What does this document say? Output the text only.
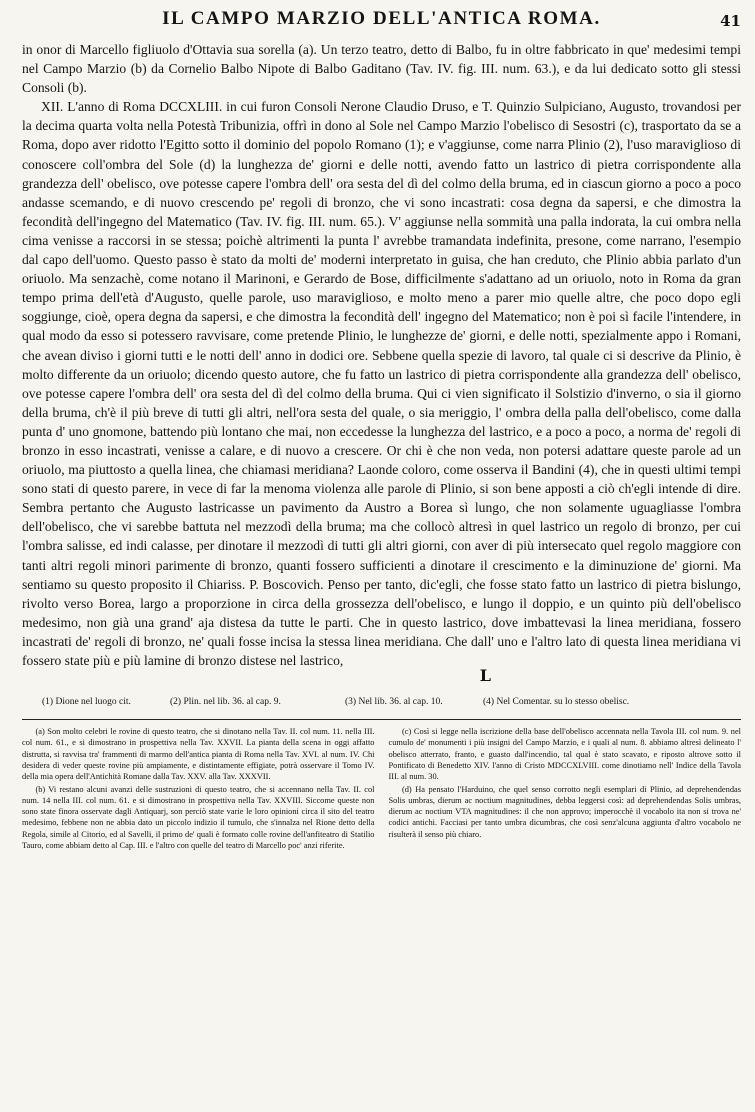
IL CAMPO MARZIO DELL'ANTICA ROMA.	41

in onor di Marcello figliuolo d'Ottavia sua sorella (a). Un terzo teatro, detto di Balbo, fu in oltre fabbricato in que' medesimi tempi nel Campo Marzio (b) da Cornelio Balbo Nipote di Balbo Gaditano (Tav. IV. fig. III. num. 63.), e da lui dedicato sotto gli stessi Consoli (b).

XII. L'anno di Roma DCCXLIII. in cui furon Consoli Nerone Claudio Druso, e T. Quinzio Sulpiciano, Augusto, trovandosi per la decima quarta volta nella Potestà Tribunizia, offrì in dono al Sole nel Campo Marzio l'obelisco di Sesostri (c), trasportato da se a Roma, dopo aver ridotto l'Egitto sotto il dominio del popolo Romano (1); e v'aggiunse, come narra Plinio (2), l'uso maraviglioso di conoscere coll'ombra del Sole (d) la lunghezza de' giorni e delle notti, avendo fatto un lastrico di pietra corrispondente alla grandezza dell' obelisco, ove potesse capere l'ombra dell' ora sesta del dì del colmo della bruma, ed in ciascun giorno a poco a poco andasse scemando, e di nuovo crescendo pe' regoli di bronzo, che vi sono incastrati: cosa degna da sapersi, e che dimostra la fecondità dell'ingegno del Matematico (Tav. IV. fig. III. num. 65.). V' aggiunse nella sommità una palla indorata, la cui ombra nella cima venisse a raccorsi in se stessa; poichè altrimenti la punta l' avrebbe tramandata indefinita, presone, come narrano, l'esempio dal capo dell'uomo. Questo passo è stato da molti de' moderni interpretato in guisa, che han creduto, che Plinio abbia parlato d'un oriuolo. Ma senzachè, come notano il Marinoni, e Gerardo de Bose, difficilmente s'adattano ad un oriuolo, noto in Roma da gran tempo prima dell'età d'Augusto, quelle parole, uso maraviglioso, e molto meno a parer mio quelle altre, che poco dopo egli soggiunge, cioè, opera degna da sapersi, e che dimostra la fecondità dell' ingegno del Matematico; non è poi sì facile l'intendere, in qual modo da esso si potessero ravvisare, come pretende Plinio, le lunghezze de' giorni, e delle notti, spezialmente appo i Romani, che avean diviso i giorni tutti e le notti dell' anno in dodici ore. Sebbene quella spezie di lavoro, tal quale ci si descrive da Plinio, è molto differente da un oriuolo; dicendo questo autore, che fu fatto un lastrico di pietra corrispondente alla grandezza dell' obelisco, ove potesse capere l'ombra dell' ora sesta del dì del colmo della bruma. Qui ci vien significato il Solstizio d'inverno, o sia il giorno della bruma, ch'è il più breve di tutti gli altri, nell'ora sesta del quale, o sia meriggio, l' ombra della palla dell'obelisco, come dalla punta d' uno gnomone, battendo più lontano che mai, non eccedesse la lunghezza del lastrico, e a poco a poco, a norma de' regoli di bronzo in esso incastrati, venisse a calare, e di nuovo a crescere. Or chi è che non veda, non potersi adattare queste parole ad un oriuolo, ma piuttosto a quella linea, che chiamasi meridiana? Laonde coloro, come osserva il Bandini (4), che in questi ultimi tempi sono stati di questo parere, in vece di far la menoma violenza alle parole di Plinio, si son bene apposti a ciò ch'egli intende di dire. Sembra pertanto che Augusto lastricasse un pavimento da Austro a Borea sì lungo, che non solamente uguagliasse l'ombra dell'obelisco, che vi sarebbe battuta nel mezzodì della bruma; ma che collocò altresì in quel lastrico un regolo di bronzo, per cui l'ombra salisse, ed indi calasse, per dinotare il mezzodì di tutti gli altri giorni, con aver di più intersecato quel regolo maggiore con tanti altri regoli minori parimente di bronzo, quanti fossero sufficienti a dinotare il crescimento e la diminuzione de' giorni. Ma sentiamo su questo proposito il Chiariss. P. Boscovich. Penso per tanto, dic'egli, che fosse stato fatto un lastrico di pietra bislungo, rivolto verso Borea, largo a proporzione in circa della grossezza dell'obelisco, e lungo il doppio, e un quinto più dell'obelisco medesimo, non già una grand' aja distesa da tutte le parti. Che in questo lastrico, dove imbattevasi la linea meridiana, fossero incastrati de' regoli di bronzo, ne' quali fosse incisa la stessa linea meridiana. Che dall' uno e l'altro lato di questa linea meridiana vi fossero state più e più lamine di bronzo distese nel lastrico,

L
(1) Dione nel luogo cit.	(2) Plin. nel lib. 36. al cap. 9.	(3) Nel lib. 36. al cap. 10.	(4) Nel Comentar. su lo stesso obelisc.

(a) Son molto celebri le rovine di questo teatro, che si dinotano nella Tav. II. col num. 11. nella III. col num. 61., e si dimostrano in prospettiva nella Tav. XXVII. La pianta della scena in oggi affatto distrutta, si ravvisa tra' frammenti di marmo dell'antica pianta di Roma nella Tav. XVI. al num. IV. Chi desidera di veder queste rovine più ampiamente, e distintamente effigiate, potrà osservare il Tomo IV. della mia opera dell'Antichità Romane dalla Tav. XXV. alla Tav. XXXVII.

(b) Vi restano alcuni avanzi delle sustruzioni di questo teatro, che si accennano nella Tav. II. col num. 14 nella III. col num. 61. e si dimostrano in prospettiva nella Tav. XXVIII. Siccome queste non sono state finora osservate dagli Antiquarj, son perciò state varie le loro opinioni circa il sito del teatro medesimo, febbene non ne abbia dato un piccolo indizio il tumulo, che s'innalza nel Rione detto della Regola, simile al Citorio, ed al Savelli, il primo de' quali è formato colle rovine dell'anfiteatro di Statilio Tauro, come abbiam detto al Cap. III. e l'altro con quelle del teatro di Marcello poc' anzi riferite.

(c) Così si legge nella iscrizione della base dell'obelisco accennata nella Tavola III. col num. 9. nel cumulo de' monumenti i più insigni del Campo Marzio, e i quali al num. 8. abbiamo altresì delineato l' obelisco atterrato, franto, e guasto dall'incendio, tal qual è stato scavato, e riposto altrove sotto il Pontificato di Benedetto XIV. l'anno di Cristo MDCCXLVIII. come dinotiamo nell' Indice della Tavola III. al num. 30.

(d) Ha pensato l'Harduino, che quel senso corrotto negli esemplari di Plinio, ad deprehendendas Solis umbras, dierum ac noctium magnitudines, debba leggersi così: ad deprehendendas Solis umbras, dierum ac noctium VTA magnitudines: il che non approvo; imperocchè il vocabolo ita non si trova ne' codici antichi. Facciasi per tanto umbra dicumbras, che così senz'alcuna aggiunta d'altro vocabolo ne risulterà il senso più chiaro.
